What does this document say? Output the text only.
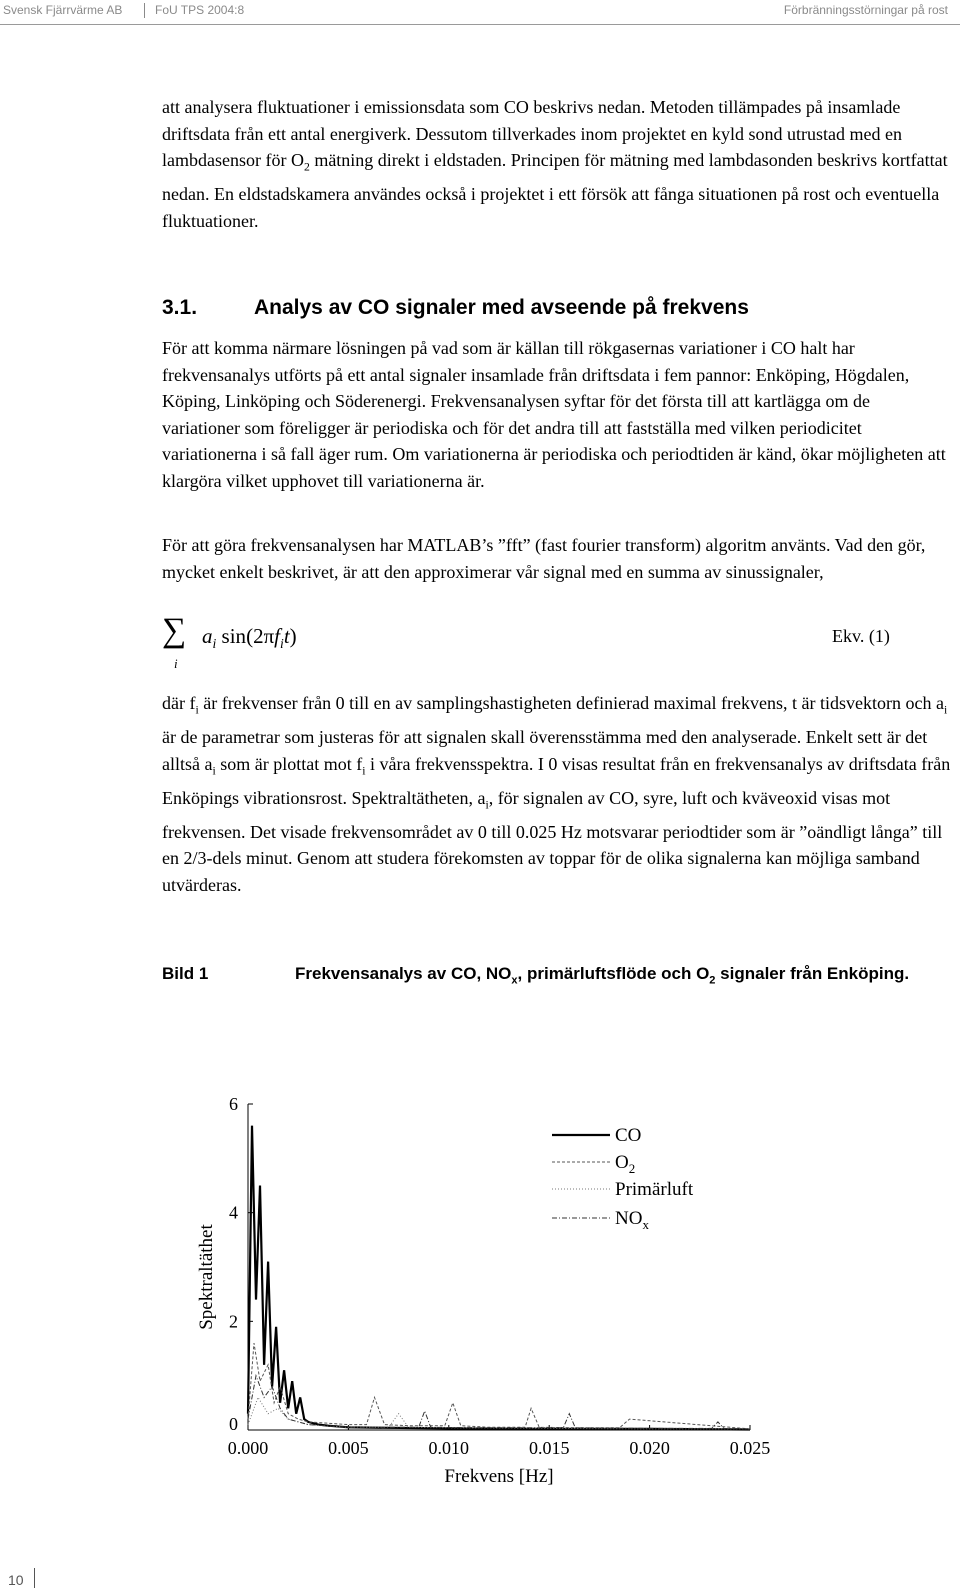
Svensk Fjärrvärme AB	FoU TPS 2004:8	Förbränningsstörningar på rost

att analysera fluktuationer i emissionsdata som CO beskrivs nedan. Metoden tillämpades på insamlade driftsdata från ett antal energiverk. Dessutom tillverkades inom projektet en kyld sond utrustad med en lambdasensor för $O_2$ mätning direkt i eldstaden. Principen för mätning med lambdasonden beskrivs kortfattat nedan. En eldstadskamera användes också i projektet i ett försök att fånga situationen på rost och eventuella fluktuationer.

3.1.	Analys av CO signaler med avseende på frekvens

För att komma närmare lösningen på vad som är källan till rökgasernas variationer i CO halt har frekvensanalys utförts på ett antal signaler insamlade från driftsdata i fem pannor: Enköping, Högdalen, Köping, Linköping och Söderenergi. Frekvensanalysen syftar för det första till att kartlägga om de variationer som föreligger är periodiska och för det andra till att fastställa med vilken periodicitet variationerna i så fall äger rum. Om variationerna är periodiska och periodtiden är känd, ökar möjligheten att klargöra vilket upphovet till variationerna är.

För att göra frekvensanalysen har MATLAB’s ”fft” (fast fourier transform) algoritm använts. Vad den gör, mycket enkelt beskrivet, är att den approximerar vår signal med en summa av sinussignaler,

∑
i
$a_i$ $\sin(2\pi f_it)$	Ekv. (1)

där $f_i$ är frekvenser från 0 till en av samplingshastigheten definierad maximal frekvens, t är tidsvektorn och $a_i$ är de parametrar som justeras för att signalen skall överensstämma med den analyserade. Enkelt sett är det alltså $a_i$ som är plottat mot $f_i$ i våra frekvensspektra. I 0 visas resultat från en frekvensanalys av driftsdata från Enköpings vibrationsrost. Spektraltätheten, $a_i$, för signalen av CO, syre, luft och kväveoxid visas mot frekvensen. Det visade frekvensområdet av 0 till 0.025 Hz motsvarar periodtider som är ”oändligt långa” till en 2/3-dels minut. Genom att studera förekomsten av toppar för de olika signalerna kan möjliga samband utvärderas.

Bild 1	Frekvensanalys av CO, $NO_x$, primärluftsflöde och $O_2$ signaler från Enköping.
0.000	0.005	0.010	0.015	0.020	0.025
0
2
4
6
Frekvens [Hz]
Spektraltäthet
CO
$O_2$
Primärluft
$NO_x$
10
